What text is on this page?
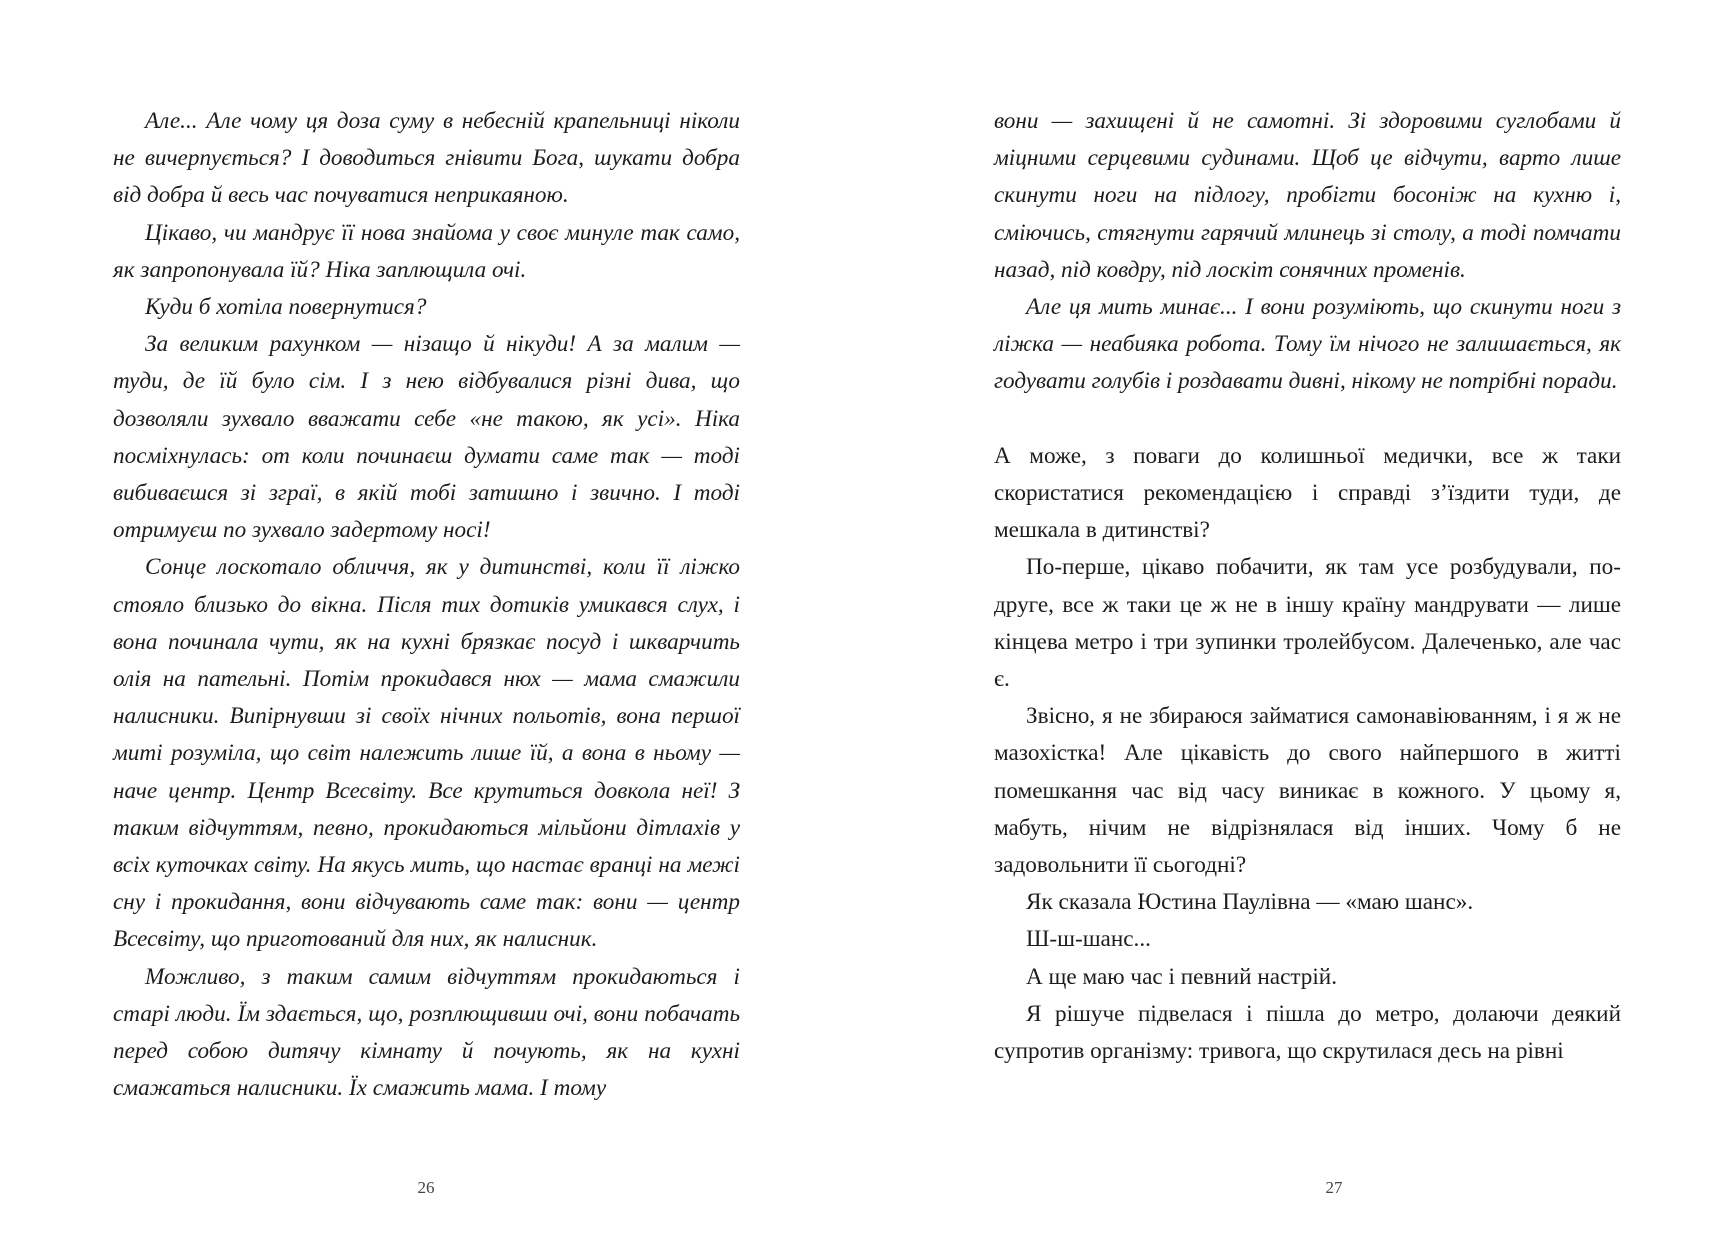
Але... Але чому ця доза суму в небесній крапельниці ніколи не вичерпується? І доводиться гнівити Бога, шукати добра від добра й весь час почуватися неприкаяною.

Цікаво, чи мандрує її нова знайома у своє минуле так само, як запропонувала їй? Ніка заплющила очі.

Куди б хотіла повернутися?

За великим рахунком — нізащо й нікуди! А за малим — туди, де їй було сім. І з нею відбувалися різні дива, що дозволяли зухвало вважати себе «не такою, як усі». Ніка посміхнулась: от коли починаєш думати саме так — тоді вибиваєшся зі зграї, в якій тобі затишно і звично. І тоді отримуєш по зухвало задертому носі!

Сонце лоскотало обличчя, як у дитинстві, коли її ліжко стояло близько до вікна. Після тих дотиків умикався слух, і вона починала чути, як на кухні брязкає посуд і шкварчить олія на пательні. Потім прокидався нюх — мама смажили налисники. Випірнувши зі своїх нічних польотів, вона першої миті розуміла, що світ належить лише їй, а вона в ньому — наче центр. Центр Всесвіту. Все крутиться довкола неї! З таким відчуттям, певно, прокидаються мільйони дітлахів у всіх куточках світу. На якусь мить, що настає вранці на межі сну і прокидання, вони відчувають саме так: вони — центр Всесвіту, що приготований для них, як налисник.

Можливо, з таким самим відчуттям прокидаються і старі люди. Їм здається, що, розплющивши очі, вони побачать перед собою дитячу кімнату й почують, як на кухні смажаться налисники. Їх смажить мама. І тому

26

вони — захищені й не самотні. Зі здоровими суглобами й міцними серцевими судинами. Щоб це відчути, варто лише скинути ноги на підлогу, пробігти босоніж на кухню і, сміючись, стягнути гарячий млинець зі столу, а тоді помчати назад, під ковдру, під лоскіт сонячних променів.

Але ця мить минає... І вони розуміють, що скинути ноги з ліжка — неабияка робота. Тому їм нічого не залишається, як годувати голубів і роздавати дивні, нікому не потрібні поради.

А може, з поваги до колишньої медички, все ж таки скористатися рекомендацією і справді з’їздити туди, де мешкала в дитинстві?

По-перше, цікаво побачити, як там усе розбудували, по-друге, все ж таки це ж не в іншу країну мандрувати — лише кінцева метро і три зупинки тролейбусом. Далеченько, але час є.

Звісно, я не збираюся займатися самонавіюванням, і я ж не мазохістка! Але цікавість до свого найпершого в житті помешкання час від часу виникає в кожного. У цьому я, мабуть, нічим не відрізнялася від інших. Чому б не задовольнити її сьогодні?

Як сказала Юстина Паулівна — «маю шанс».

Ш-ш-шанс...

А ще маю час і певний настрій.

Я рішуче підвелася і пішла до метро, долаючи деякий супротив організму: тривога, що скрутилася десь на рівні

27
